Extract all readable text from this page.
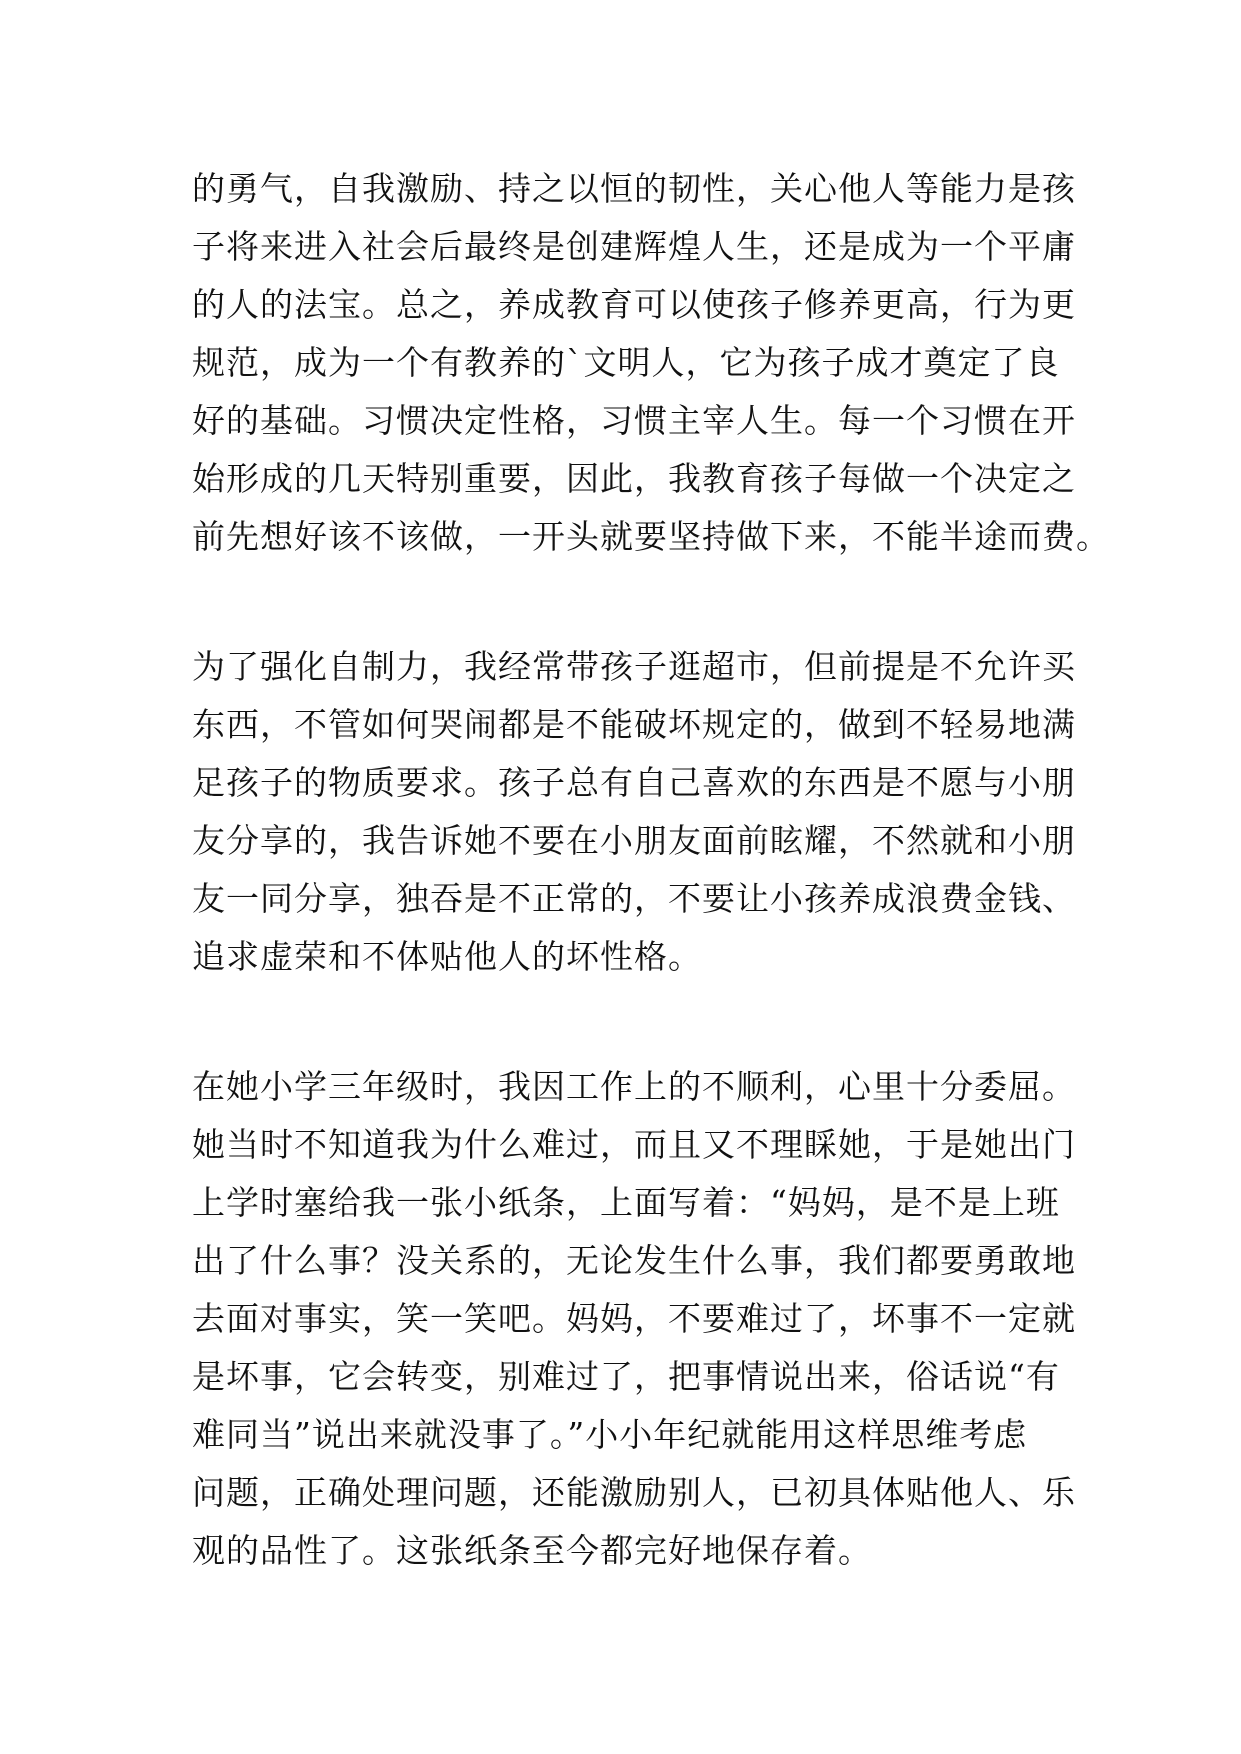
的勇气，自我激励、持之以恒的韧性，关心他人等能力是孩
子将来进入社会后最终是创建辉煌人生，还是成为一个平庸
的人的法宝。总之，养成教育可以使孩子修养更高，行为更
规范，成为一个有教养的`文明人，它为孩子成才奠定了良
好的基础。习惯决定性格，习惯主宰人生。每一个习惯在开
始形成的几天特别重要，因此，我教育孩子每做一个决定之
前先想好该不该做，一开头就要坚持做下来，不能半途而费。
为了强化自制力，我经常带孩子逛超市，但前提是不允许买
东西，不管如何哭闹都是不能破坏规定的，做到不轻易地满
足孩子的物质要求。孩子总有自己喜欢的东西是不愿与小朋
友分享的，我告诉她不要在小朋友面前眩耀，不然就和小朋
友一同分享，独吞是不正常的，不要让小孩养成浪费金钱、
追求虚荣和不体贴他人的坏性格。
在她小学三年级时，我因工作上的不顺利，心里十分委屈。
她当时不知道我为什么难过，而且又不理睬她，于是她出门
上学时塞给我一张小纸条，上面写着：“妈妈，是不是上班
出了什么事？没关系的，无论发生什么事，我们都要勇敢地
去面对事实，笑一笑吧。妈妈，不要难过了，坏事不一定就
是坏事，它会转变，别难过了，把事情说出来，俗话说“有
难同当”说出来就没事了。”小小年纪就能用这样思维考虑
问题，正确处理问题，还能激励别人，已初具体贴他人、乐
观的品性了。这张纸条至今都完好地保存着。
